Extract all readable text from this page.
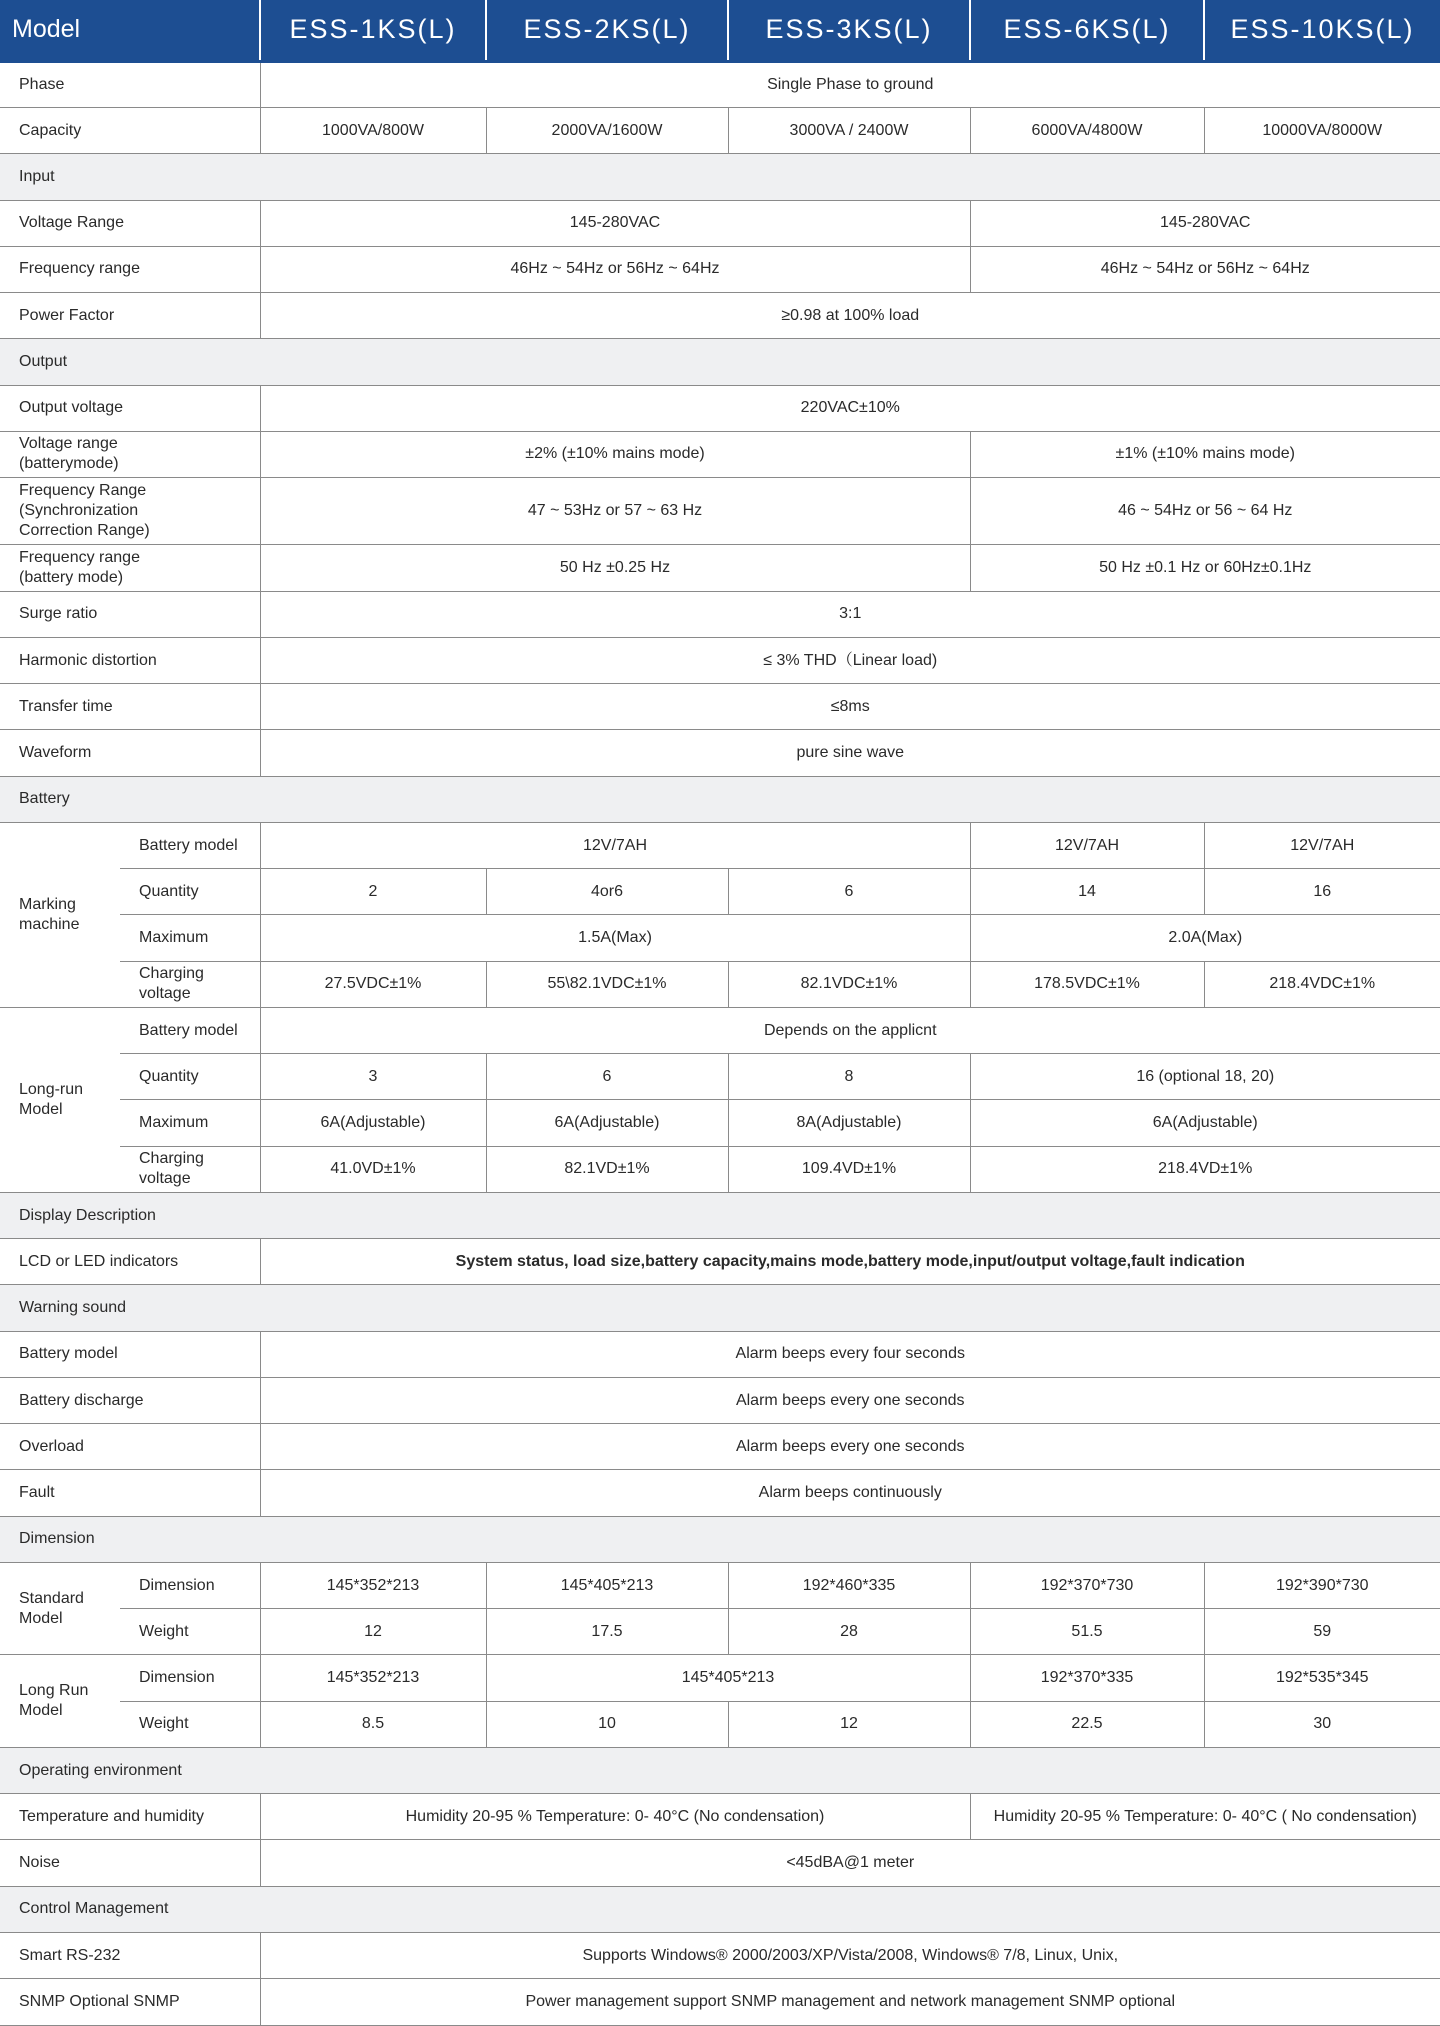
Model		ESS-1KS(L)	ESS-2KS(L)	ESS-3KS(L)	ESS-6KS(L)	ESS-10KS(L)
Phase		Single Phase to ground				
Capacity		1000VA/800W	2000VA/1600W	3000VA / 2400W	6000VA/4800W	10000VA/8000W
Input						
Voltage Range		145-280VAC			145-280VAC	
Frequency range		46Hz ~ 54Hz or 56Hz ~ 64Hz			46Hz ~ 54Hz or 56Hz ~ 64Hz	
Power Factor		≥0.98 at 100% load				
Output						
Output voltage		220VAC±10%				

Voltage range
(batterymode)		±2% (±10% mains mode)			±1% (±10% mains mode)	

Frequency Range
(Synchronization
Correction Range)		47 ~ 53Hz or 57 ~ 63 Hz			46 ~ 54Hz or 56 ~ 64 Hz	

Frequency range
(battery mode)		50 Hz ±0.25 Hz			50 Hz ±0.1 Hz or 60Hz±0.1Hz	
Surge ratio		3:1				
Harmonic distortion		≤ 3% THD（Linear load)				
Transfer time		≤8ms				
Waveform		pure sine wave				
Battery						

Marking
machine	Battery model	12V/7AH			12V/7AH	12V/7AH
	Quantity	2	4or6	6	14	16
	Maximum	1.5A(Max)			2.0A(Max)	
	Charging voltage	27.5VDC±1%	55\82.1VDC±1%	82.1VDC±1%	178.5VDC±1%	218.4VDC±1%

Long-run
Model	Battery model	Depends on the applicnt				
	Quantity	3	6	8	16 (optional 18, 20)	
	Maximum	6A(Adjustable)	6A(Adjustable)	8A(Adjustable)	6A(Adjustable)	
	Charging voltage	41.0VD±1%	82.1VD±1%	109.4VD±1%	218.4VD±1%	
Display Description						
LCD or LED indicators		System status, load size,battery capacity,mains mode,battery mode,input/output voltage,fault indication				
Warning sound						
Battery model		Alarm beeps every four seconds				
Battery discharge		Alarm beeps every one seconds				
Overload		Alarm beeps every one seconds				
Fault		Alarm beeps continuously				
Dimension						

Standard
Model	Dimension	145*352*213	145*405*213	192*460*335	192*370*730	192*390*730
	Weight	12	17.5	28	51.5	59

Long Run
Model	Dimension	145*352*213	145*405*213		192*370*335	192*535*345
	Weight	8.5	10	12	22.5	30
Operating environment						
Temperature and humidity		Humidity 20-95 % Temperature: 0- 40°C (No condensation)			Humidity 20-95 % Temperature: 0- 40°C ( No condensation)	
Noise		<45dBA@1 meter				
Control Management						
Smart RS-232		Supports Windows® 2000/2003/XP/Vista/2008, Windows® 7/8, Linux, Unix,				
SNMP Optional SNMP		Power management support SNMP management and network management SNMP optional				
